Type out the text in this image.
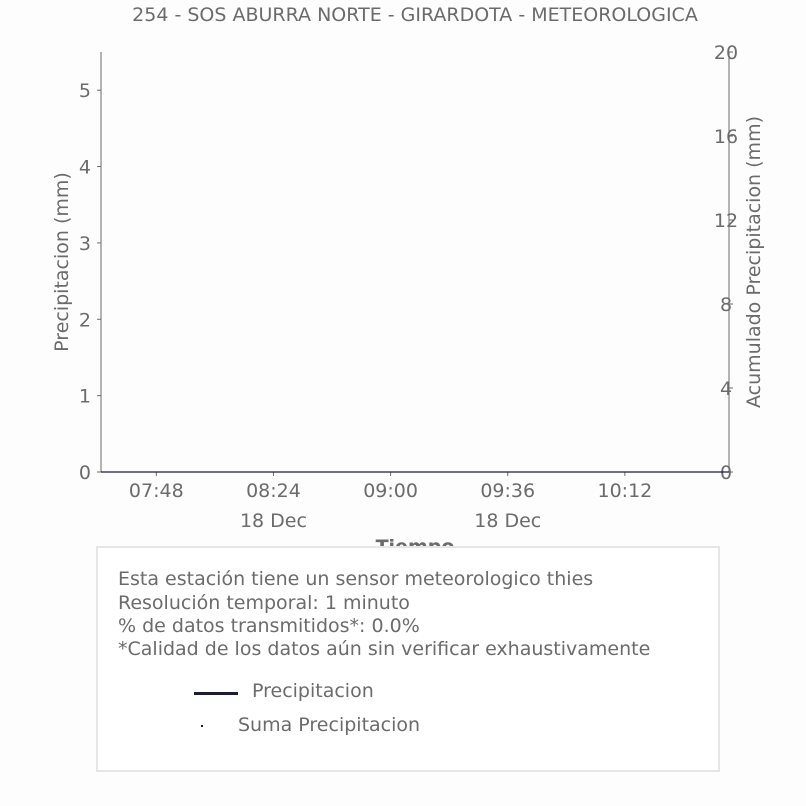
254 - SOS ABURRA NORTE - GIRARDOTA - METEOROLOGICA
0
1
2
3
4
5
0
4
8
12
16
20
07:48	08:24
18 Dec
09:00	09:36
18 Dec
10:12
Precipitacion (mm)	Acumulado Precipitacion (mm)
Esta estación tiene un sensor meteorologico thies
Resolución temporal: 1 minuto
% de datos transmitidos*: 0.0%
*Calidad de los datos aún sin verificar exhaustivamente
Precipitacion
Suma Precipitacion
